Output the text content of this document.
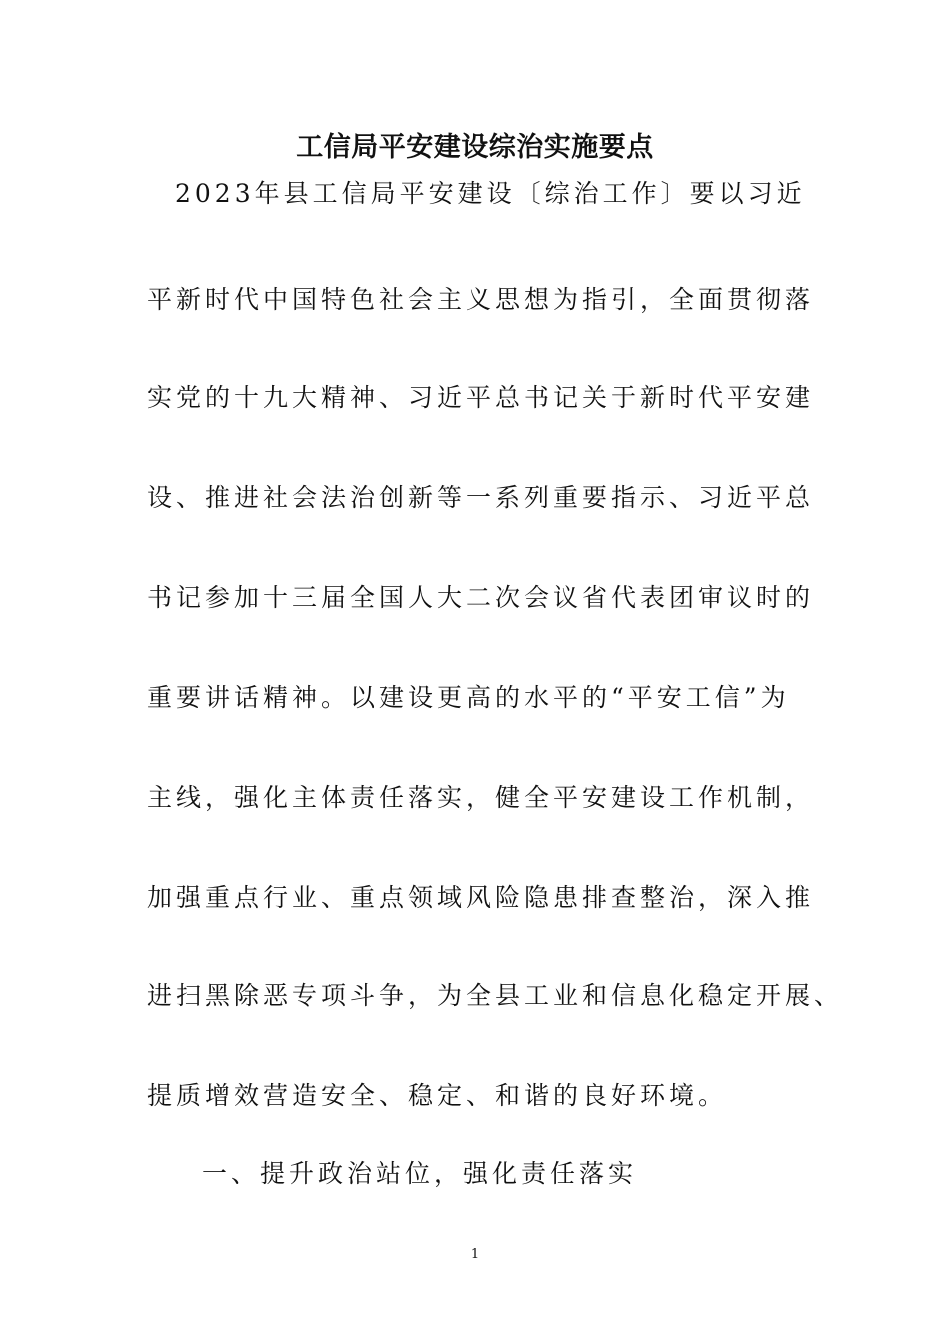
工信局平安建设综治实施要点
2023年县工信局平安建设〔综治工作〕要以习近
平新时代中国特色社会主义思想为指引，全面贯彻落
实党的十九大精神、习近平总书记关于新时代平安建
设、推进社会法治创新等一系列重要指示、习近平总
书记参加十三届全国人大二次会议省代表团审议时的
重要讲话精神。以建设更高的水平的“平安工信”为
主线，强化主体责任落实，健全平安建设工作机制，
加强重点行业、重点领域风险隐患排查整治，深入推
进扫黑除恶专项斗争，为全县工业和信息化稳定开展、
提质增效营造安全、稳定、和谐的良好环境。
一、提升政治站位，强化责任落实
1
